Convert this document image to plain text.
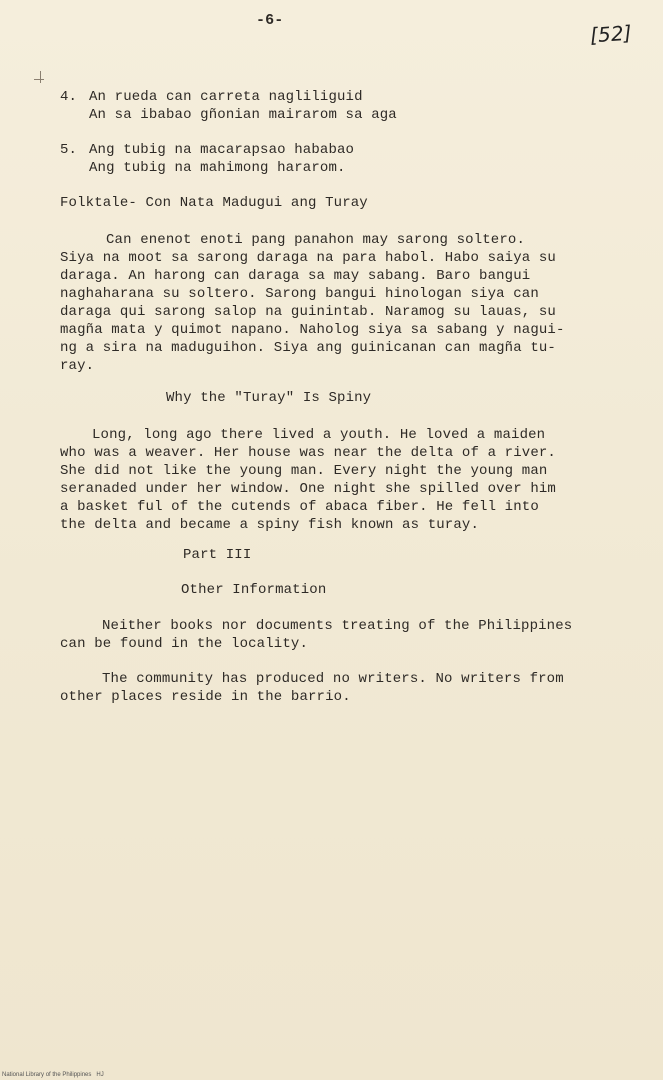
-6-
[52]
4. An rueda can carreta nagliliguid
An sa ibabao gñonian mairarom sa aga
5. Ang tubig na macarapsao hababao
Ang tubig na mahimong hararom.
Folktale- Con Nata Madugui ang Turay
Can enenot enoti pang panahon may sarong soltero.
Siya na moot sa sarong daraga na para habol. Habo saiya su
daraga. An harong can daraga sa may sabang. Baro bangui
naghaharana su soltero. Sarong bangui hinologan siya can
daraga qui sarong salop na guinintab. Naramog su lauas, su
magña mata y quimot napano. Naholog siya sa sabang y nagui-
ng a sira na maduguihon. Siya ang guinicanan can magña tu-
ray.
Why the "Turay" Is Spiny
Long, long ago there lived a youth. He loved a maiden
who was a weaver. Her house was near the delta of a river.
She did not like the young man. Every night the young man
seranaded under her window. One night she spilled over him
a basket ful of the cutends of abaca fiber. He fell into
the delta and became a spiny fish known as turay.
Part III
Other Information
Neither books nor documents treating of the Philippines
can be found in the locality.
The community has produced no writers. No writers from
other places reside in the barrio.
National Library of the Philippines   HJ
